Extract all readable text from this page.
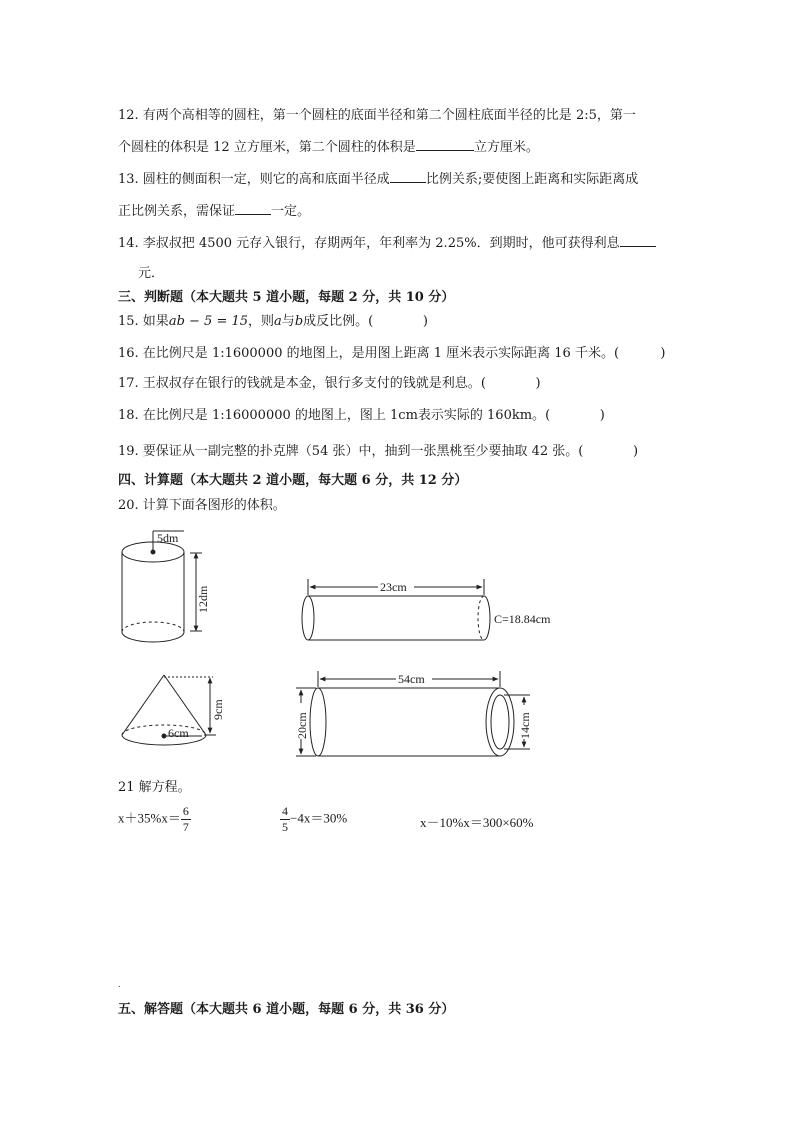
12. 有两个高相等的圆柱，第一个圆柱的底面半径和第二个圆柱底面半径的比是 2:5，第一
个圆柱的体积是 12 立方厘米，第二个圆柱的体积是	立方厘米。
13. 圆柱的侧面积一定，则它的高和底面半径成	比例关系;要使图上距离和实际距离成
正比例关系，需保证	一定。
14. 李叔叔把 4500 元存入银行，存期两年，年利率为 2.25%．到期时，他可获得利息
元．
三、判断题（本大题共 5 道小题，每题 2 分，共 10 分）
15. 如果ab − 5 = 15，则a与b成反比例。(            )
16. 在比例尺是 1:1600000 的地图上，是用图上距离 1 厘米表示实际距离 16 千米。(          )
17. 王叔叔存在银行的钱就是本金，银行多支付的钱就是利息。(            )
18. 在比例尺是 1:16000000 的地图上，图上 1cm表示实际的 160km。(            )
19. 要保证从一副完整的扑克牌（54 张）中，抽到一张黑桃至少要抽取 42 张。(            )
四、计算题（本大题共 2 道小题，每大题 6 分，共 12 分）
20. 计算下面各图形的体积。
5dm
12dm	23cm
C=18.84cm
6cm
9cm
54cm
20cm	14cm
21 解方程。
$x+35\%x= \frac{6}{7}$	$\frac{4}{5} -4x=30\%$	x－10%x＝300×60%
.
五、解答题（本大题共 6 道小题，每题 6 分，共 36 分）
